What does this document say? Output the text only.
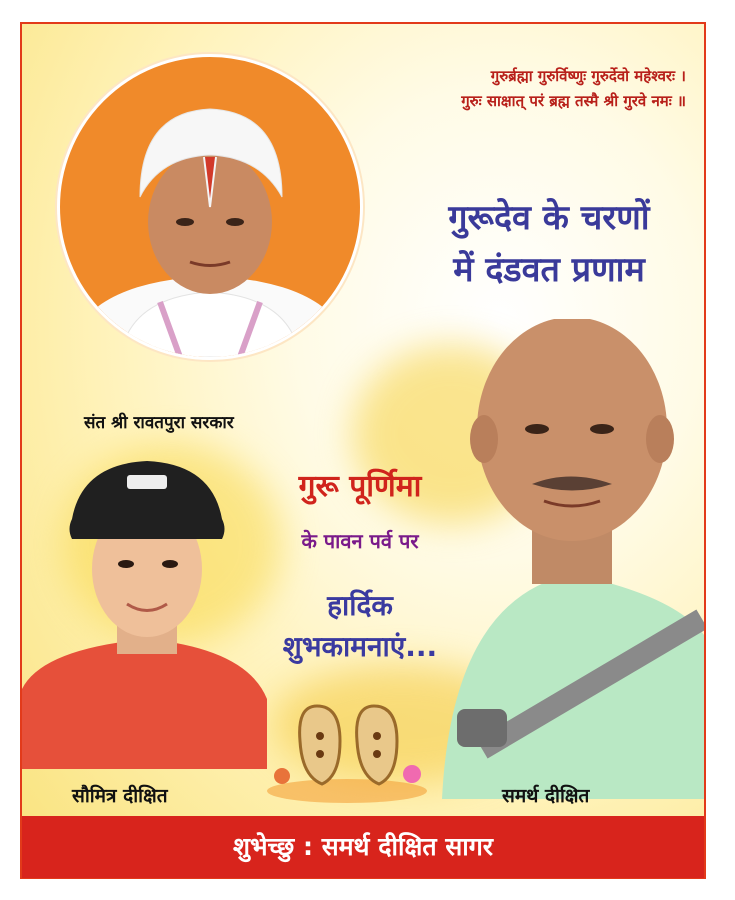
गुरुर्ब्रह्मा गुरुर्विष्णुः गुरुर्देवो महेश्वरः ।
गुरुः साक्षात् परं ब्रह्म तस्मै श्री गुरवे नमः ॥
गुरूदेव के चरणों
में दंडवत प्रणाम
संत श्री रावतपुरा सरकार
गुरू पूर्णिमा
के पावन पर्व पर
हार्दिक
शुभकामनाएं...
सौमित्र दीक्षित	समर्थ दीक्षित
शुभेच्छु : समर्थ दीक्षित सागर
